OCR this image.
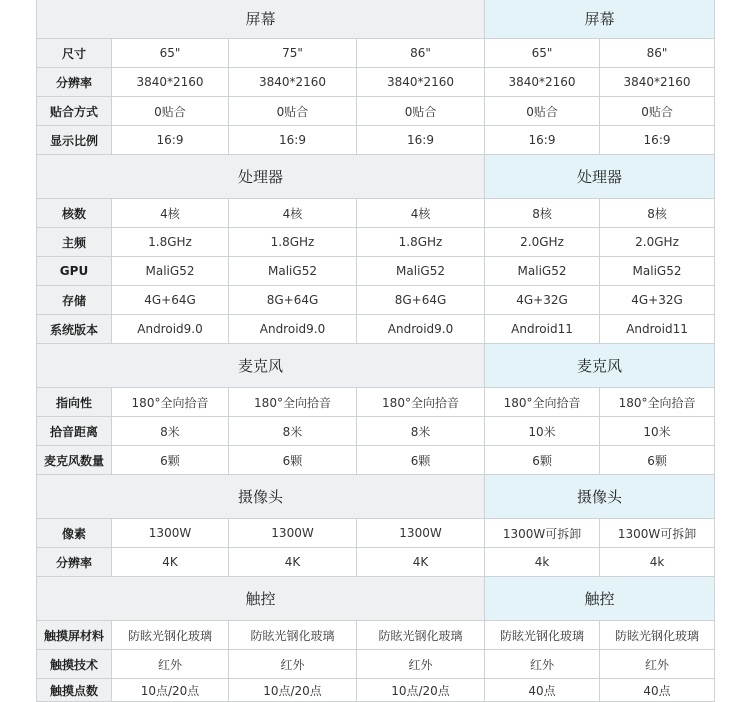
屏幕				屏幕	
尺寸	65"	75"	86"	65"	86"
分辨率	3840*2160	3840*2160	3840*2160	3840*2160	3840*2160
贴合方式	0贴合	0贴合	0贴合	0贴合	0贴合
显示比例	16:9	16:9	16:9	16:9	16:9
处理器				处理器	
核数	4核	4核	4核	8核	8核
主频	1.8GHz	1.8GHz	1.8GHz	2.0GHz	2.0GHz
GPU	MaliG52	MaliG52	MaliG52	MaliG52	MaliG52
存储	4G+64G	8G+64G	8G+64G	4G+32G	4G+32G
系统版本	Android9.0	Android9.0	Android9.0	Android11	Android11
麦克风				麦克风	
指向性	180°全向拾音	180°全向拾音	180°全向拾音	180°全向拾音	180°全向拾音
拾音距离	8米	8米	8米	10米	10米
麦克风数量	6颗	6颗	6颗	6颗	6颗
摄像头				摄像头	
像素	1300W	1300W	1300W	1300W可拆卸	1300W可拆卸
分辨率	4K	4K	4K	4k	4k
触控				触控	
触摸屏材料	防眩光钢化玻璃	防眩光钢化玻璃	防眩光钢化玻璃	防眩光钢化玻璃	防眩光钢化玻璃
触摸技术	红外	红外	红外	红外	红外
触摸点数	10点/20点	10点/20点	10点/20点	40点	40点
